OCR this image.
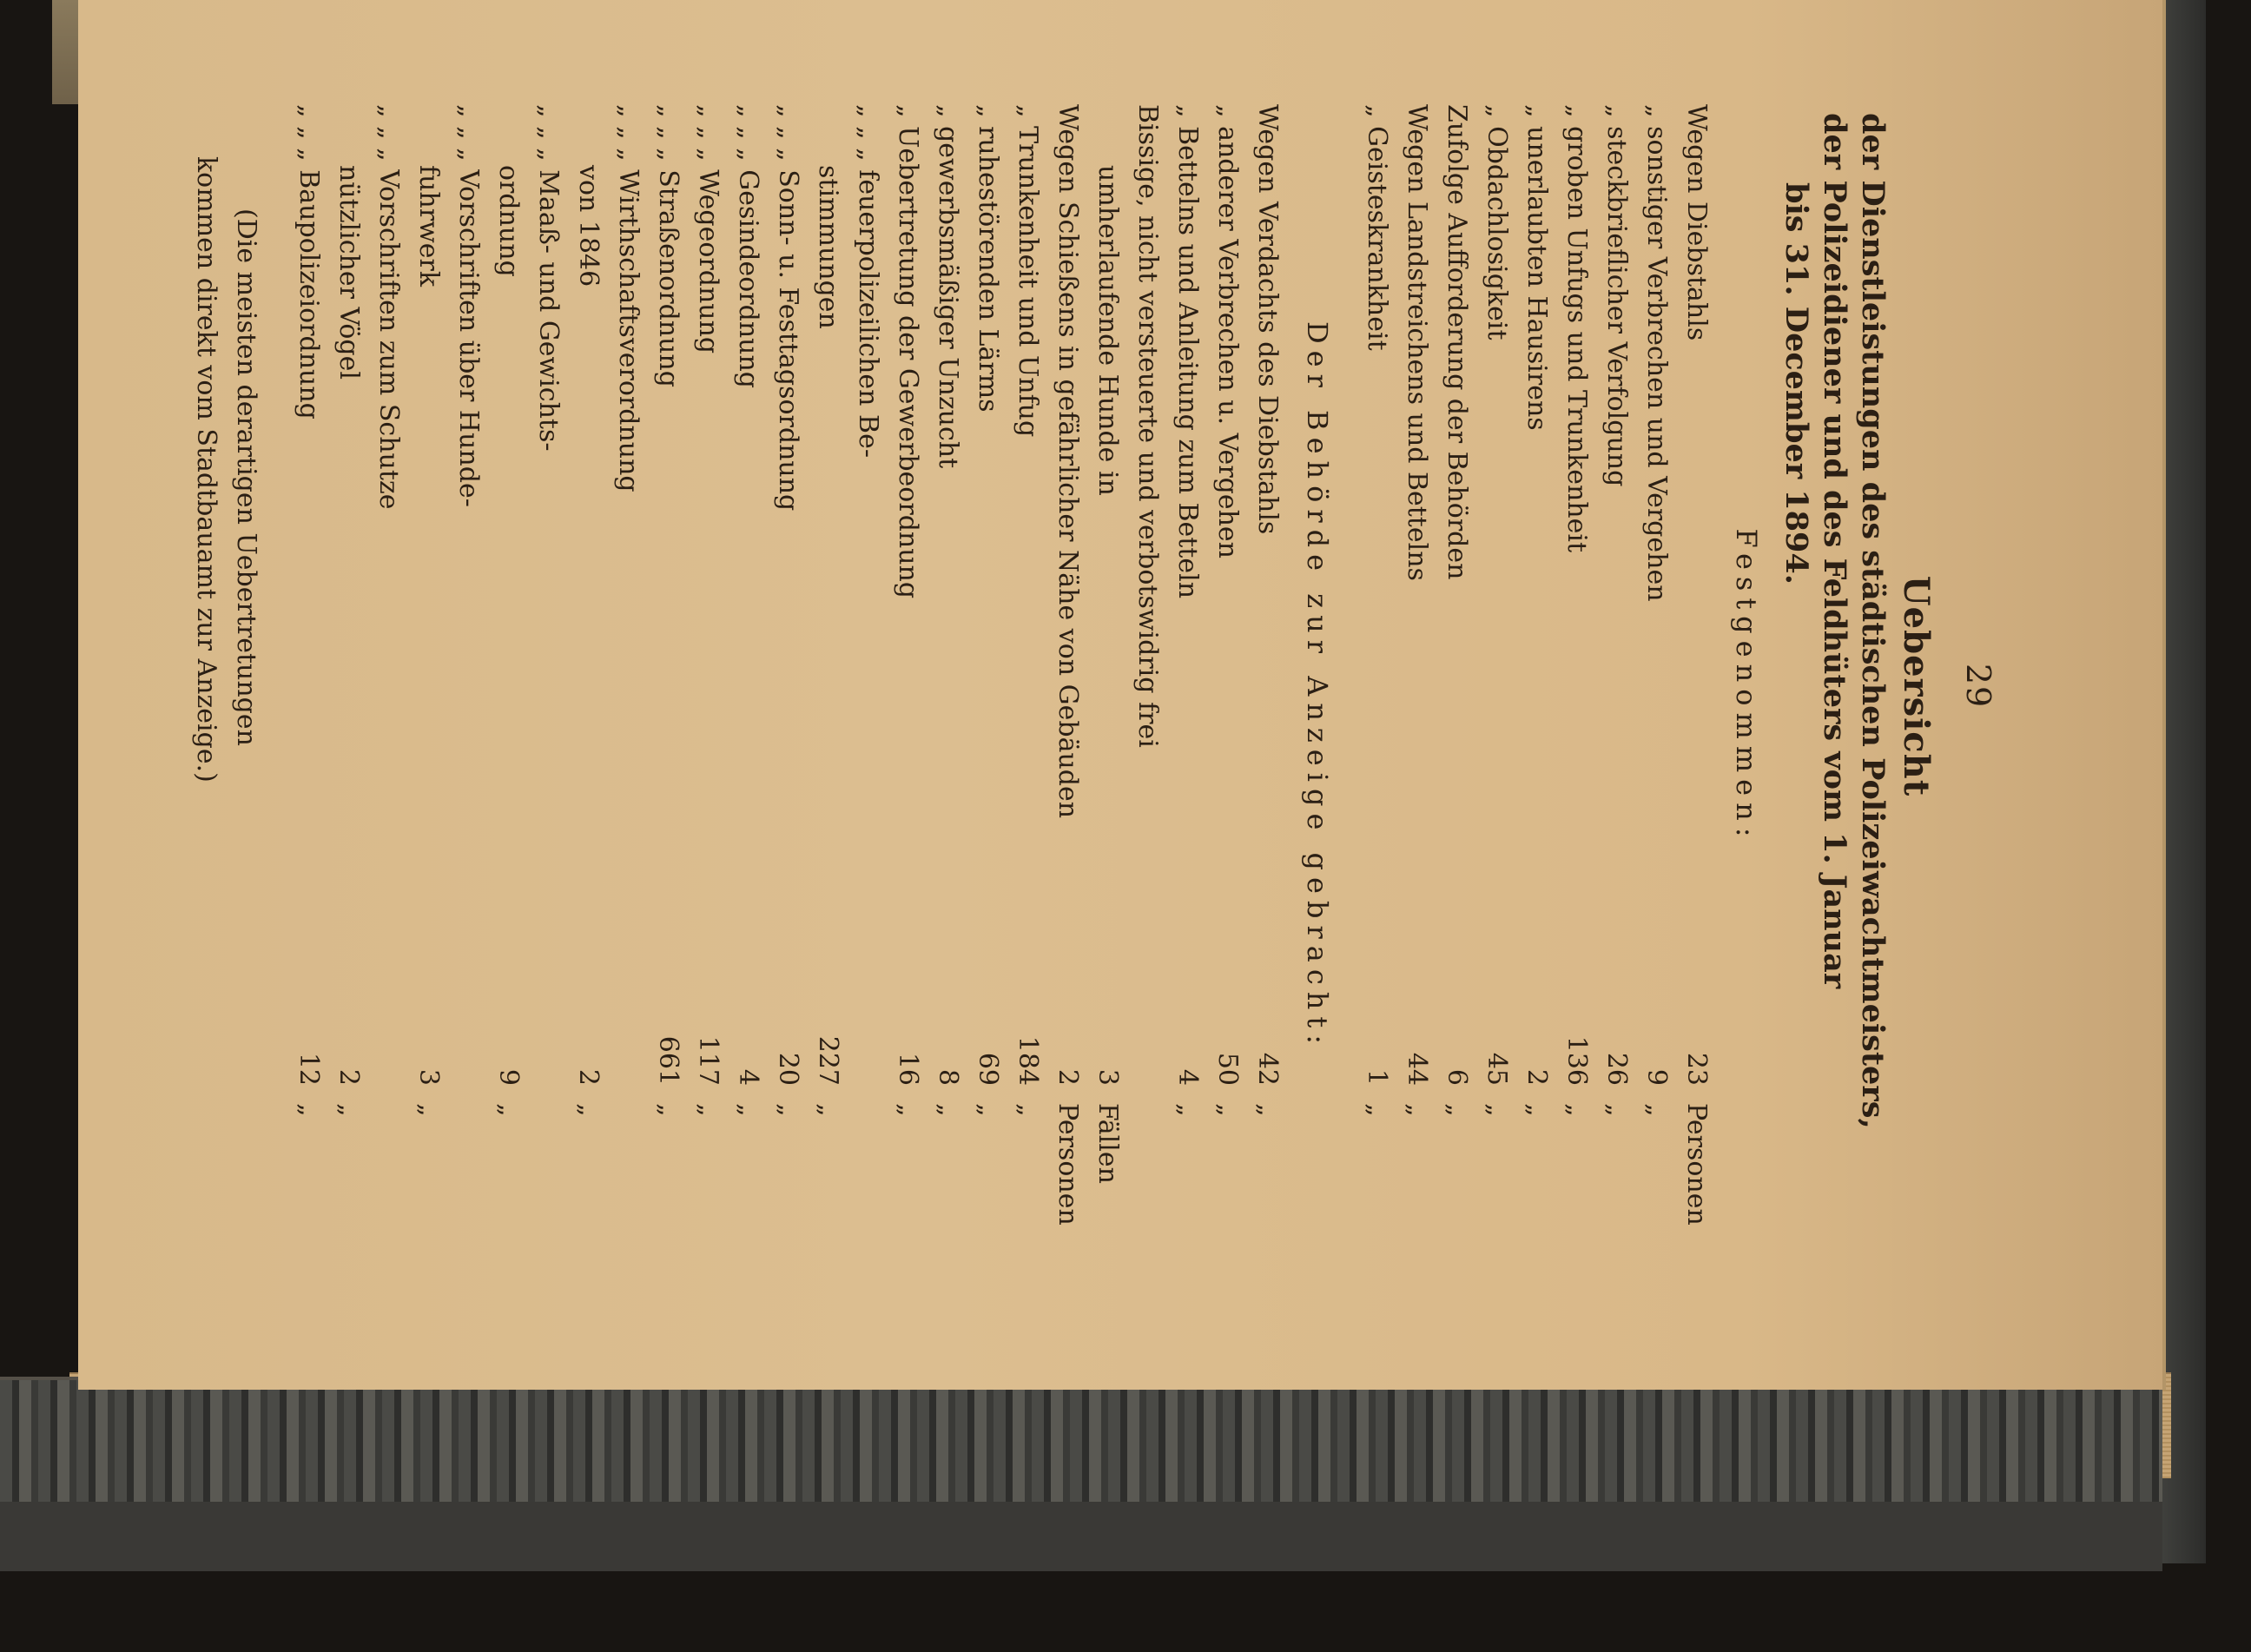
29
Uebersicht
der Dienstleistungen des städtischen Polizeiwachtmeisters,
der Polizeidiener und des Feldhüters vom 1. Januar
bis 31. December 1894.
Festgenommen:
Wegen Diebstahls
23
Personen
„ sonstiger Verbrechen und Vergehen
9
„
„ steckbrieflicher Verfolgung
26
„
„ groben Unfugs und Trunkenheit
136
„
„ unerlaubten Hausirens
2
„
„ Obdachlosigkeit
45
„
Zufolge Aufforderung der Behörden
6
„
Wegen Landstreichens und Bettelns
44
„
„ Geisteskrankheit
1
„
Der Behörde zur Anzeige gebracht:
Wegen Verdachts des Diebstahls
42
„
„ anderer Verbrechen u. Vergehen
50
„
„ Bettelns und Anleitung zum Betteln
4
„
Bissige, nicht versteuerte und verbotswidrig frei
umherlaufende Hunde in
3
Fällen
Wegen Schießens in gefährlicher Nähe von Gebäuden
2
Personen
„ Trunkenheit und Unfug
184
„
„ ruhestörenden Lärms
69
„
„ gewerbsmäßiger Unzucht
8
„
„ Uebertretung der Gewerbeordnung
16
„
„ „ „ feuerpolizeilichen Be-
stimmungen
227
„
„ „ „ Sonn- u. Festtagsordnung
20
„
„ „ „ Gesindeordnung
4
„
„ „ „ Wegeordnung
117
„
„ „ „ Straßenordnung
661
„
„ „ „ Wirthschaftsverordnung
von 1846
2
„
„ „ „ Maaß- und Gewichts-
ordnung
9
„
„ „ „ Vorschriften über Hunde-
fuhrwerk
3
„
„ „ „ Vorschriften zum Schutze
nützlicher Vögel
2
„
„ „ „ Baupolizeiordnung
12
„
(Die meisten derartigen Uebertretungen
kommen direkt vom Stadtbauamt zur Anzeige.)
